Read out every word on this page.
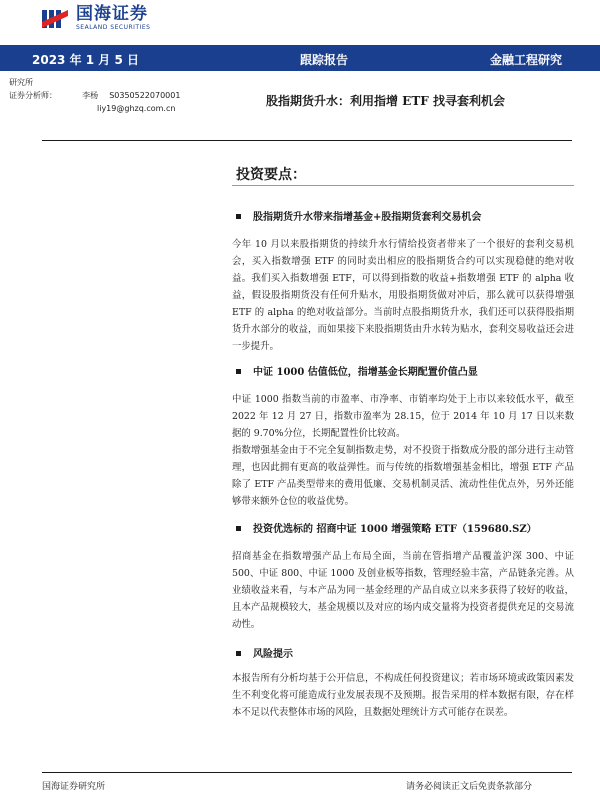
国海证券
SEALAND SECURITIES
2023 年 1 月 5 日	跟踪报告	金融工程研究
研究所
证券分析师：	李杨 S0350522070001
liy19@ghzq.com.cn
股指期货升水：利用指增 ETF 找寻套利机会
投资要点：
股指期货升水带来指增基金+股指期货套利交易机会
今年 10 月以来股指期货的持续升水行情给投资者带来了一个很好的套利交易机会，买入指数增强 ETF 的同时卖出相应的股指期货合约可以实现稳健的绝对收益。我们买入指数增强 ETF，可以得到指数的收益+指数增强 ETF 的 alpha 收益，假设股指期货没有任何升贴水，用股指期货做对冲后，那么就可以获得增强 ETF 的 alpha 的绝对收益部分。当前时点股指期货升水，我们还可以获得股指期货升水部分的收益，而如果接下来股指期货由升水转为贴水，套利交易收益还会进一步提升。
中证 1000 估值低位，指增基金长期配置价值凸显
中证 1000 指数当前的市盈率、市净率、市销率均处于上市以来较低水平，截至 2022 年 12 月 27 日，指数市盈率为 28.15，位于 2014 年 10 月 17 日以来数据的 9.70%分位，长期配置性价比较高。
指数增强基金由于不完全复制指数走势，对不投资于指数成分股的部分进行主动管理，也因此拥有更高的收益弹性。而与传统的指数增强基金相比，增强 ETF 产品除了 ETF 产品类型带来的费用低廉、交易机制灵活、流动性佳优点外，另外还能够带来额外仓位的收益优势。
投资优选标的 招商中证 1000 增强策略 ETF（159680.SZ）
招商基金在指数增强产品上布局全面，当前在管指增产品覆盖沪深 300、中证 500、中证 800、中证 1000 及创业板等指数，管理经验丰富，产品链条完善。从业绩收益来看，与本产品为同一基金经理的产品自成立以来多获得了较好的收益，且本产品规模较大，基金规模以及对应的场内成交量将为投资者提供充足的交易流动性。
风险提示
本报告所有分析均基于公开信息，不构成任何投资建议；若市场环境或政策因素发生不利变化将可能造成行业发展表现不及预期。报告采用的样本数据有限，存在样本不足以代表整体市场的风险，且数据处理统计方式可能存在误差。
国海证券研究所	请务必阅读正文后免责条款部分
